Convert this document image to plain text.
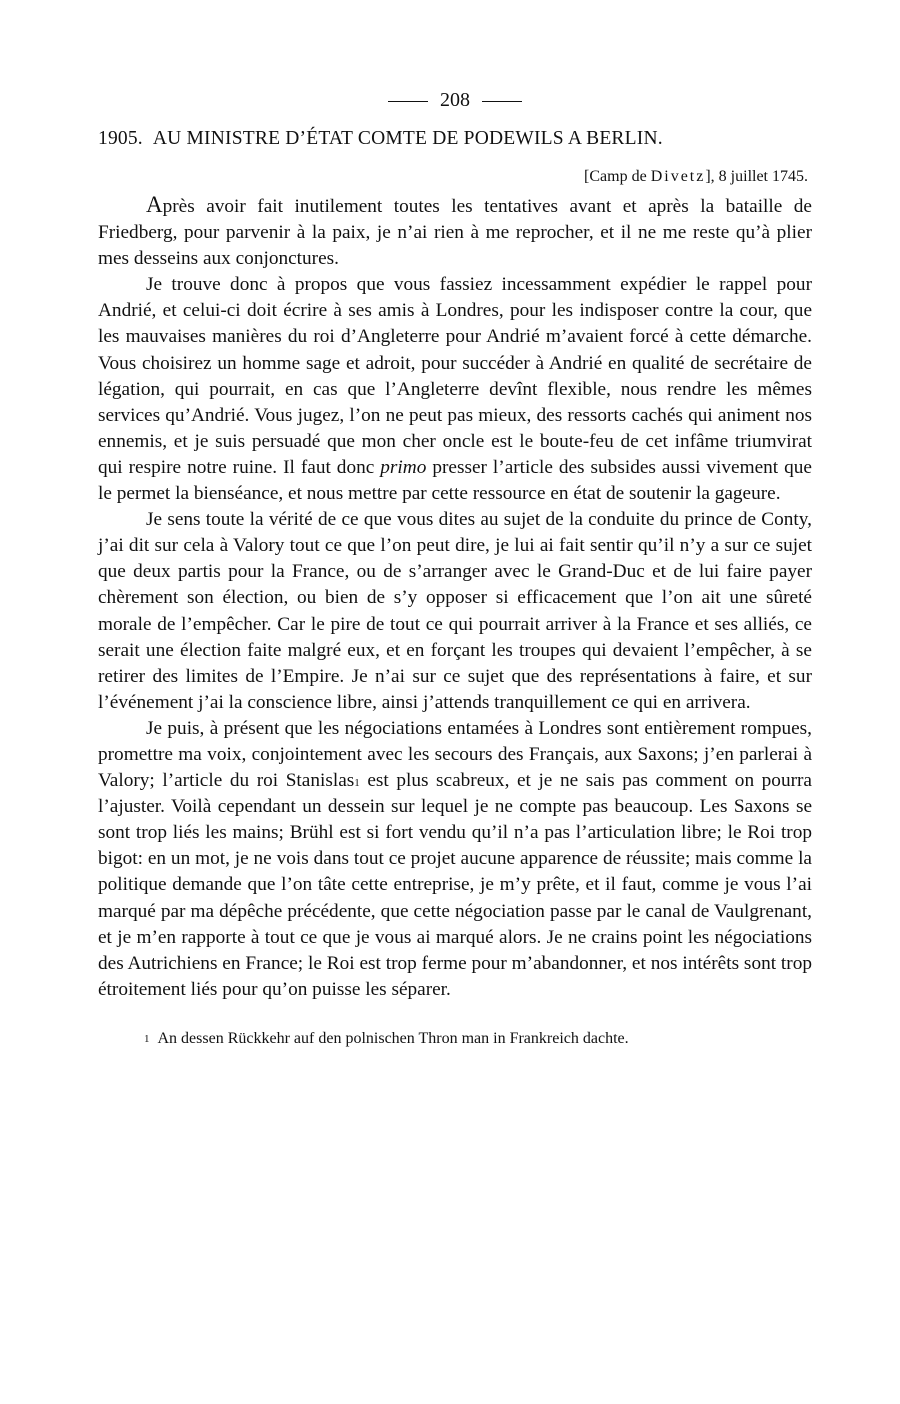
208
1905. AU MINISTRE D’ÉTAT COMTE DE PODEWILS A BERLIN.
[Camp de Divetz], 8 juillet 1745.

Après avoir fait inutilement toutes les tentatives avant et après la bataille de Friedberg, pour parvenir à la paix, je n’ai rien à me reprocher, et il ne me reste qu’à plier mes desseins aux conjonctures.

Je trouve donc à propos que vous fassiez incessamment expédier le rappel pour Andrié, et celui-ci doit écrire à ses amis à Londres, pour les indisposer contre la cour, que les mauvaises manières du roi d’Angleterre pour Andrié m’avaient forcé à cette démarche. Vous choisirez un homme sage et adroit, pour succéder à Andrié en qualité de secrétaire de légation, qui pourrait, en cas que l’Angleterre devînt flexible, nous rendre les mêmes services qu’Andrié. Vous jugez, l’on ne peut pas mieux, des ressorts cachés qui animent nos ennemis, et je suis persuadé que mon cher oncle est le boute-feu de cet infâme triumvirat qui respire notre ruine. Il faut donc primo presser l’article des subsides aussi vivement que le permet la bienséance, et nous mettre par cette ressource en état de soutenir la gageure.

Je sens toute la vérité de ce que vous dites au sujet de la conduite du prince de Conty, j’ai dit sur cela à Valory tout ce que l’on peut dire, je lui ai fait sentir qu’il n’y a sur ce sujet que deux partis pour la France, ou de s’arranger avec le Grand-Duc et de lui faire payer chèrement son élection, ou bien de s’y opposer si efficacement que l’on ait une sûreté morale de l’empêcher. Car le pire de tout ce qui pourrait arriver à la France et ses alliés, ce serait une élection faite malgré eux, et en forçant les troupes qui devaient l’empêcher, à se retirer des limites de l’Empire. Je n’ai sur ce sujet que des représentations à faire, et sur l’événement j’ai la conscience libre, ainsi j’attends tranquillement ce qui en arrivera.

Je puis, à présent que les négociations entamées à Londres sont entièrement rompues, promettre ma voix, conjointement avec les secours des Français, aux Saxons; j’en parlerai à Valory; l’article du roi Stanislas$^1$ est plus scabreux, et je ne sais pas comment on pourra l’ajuster. Voilà cependant un dessein sur lequel je ne compte pas beaucoup. Les Saxons se sont trop liés les mains; Brühl est si fort vendu qu’il n’a pas l’articulation libre; le Roi trop bigot: en un mot, je ne vois dans tout ce projet aucune apparence de réussite; mais comme la politique demande que l’on tâte cette entreprise, je m’y prête, et il faut, comme je vous l’ai marqué par ma dépêche précédente, que cette négociation passe par le canal de Vaulgrenant, et je m’en rapporte à tout ce que je vous ai marqué alors. Je ne crains point les négociations des Autrichiens en France; le Roi est trop ferme pour m’abandonner, et nos intérêts sont trop étroitement liés pour qu’on puisse les séparer.

$^1$ An dessen Rückkehr auf den polnischen Thron man in Frankreich dachte.
